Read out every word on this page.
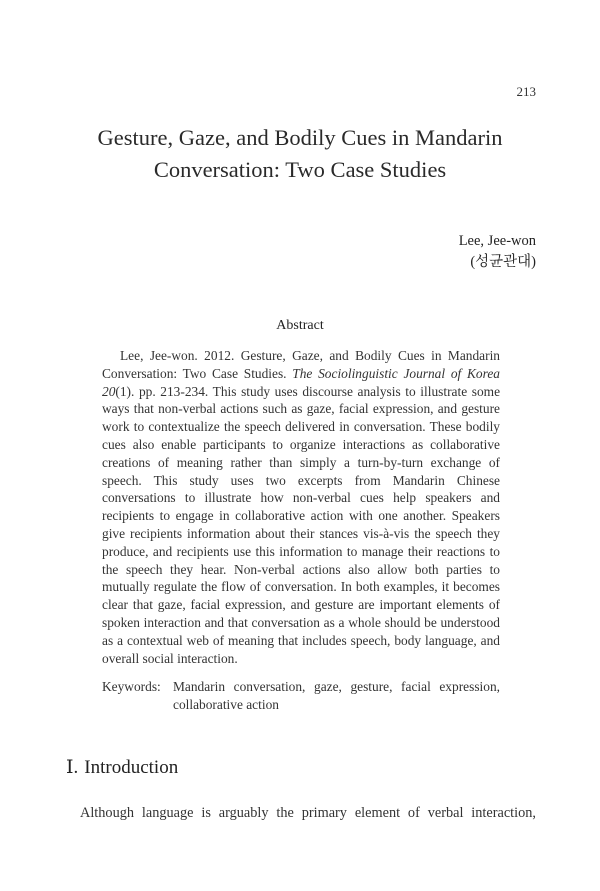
213
Gesture, Gaze, and Bodily Cues in Mandarin
Conversation: Two Case Studies
Lee, Jee-won
(성균관대)
Abstract

Lee, Jee-won. 2012. Gesture, Gaze, and Bodily Cues in Mandarin Conversation: Two Case Studies. The Sociolinguistic Journal of Korea 20(1). pp. 213-234. This study uses discourse analysis to illustrate some ways that non-verbal actions such as gaze, facial expression, and gesture work to contextualize the speech delivered in conversation. These bodily cues also enable participants to organize interactions as collaborative creations of meaning rather than simply a turn-by-turn exchange of speech. This study uses two excerpts from Mandarin Chinese conversations to illustrate how non-verbal cues help speakers and recipients to engage in collaborative action with one another. Speakers give recipients information about their stances vis-à-vis the speech they produce, and recipients use this information to manage their reactions to the speech they hear. Non-verbal actions also allow both parties to mutually regulate the flow of conversation. In both examples, it becomes clear that gaze, facial expression, and gesture are important elements of spoken interaction and that conversation as a whole should be understood as a contextual web of meaning that includes speech, body language, and overall social interaction.

Keywords: Mandarin conversation, gaze, gesture, facial expression, collaborative action
Ⅰ. Introduction

Although language is arguably the primary element of verbal interaction,
